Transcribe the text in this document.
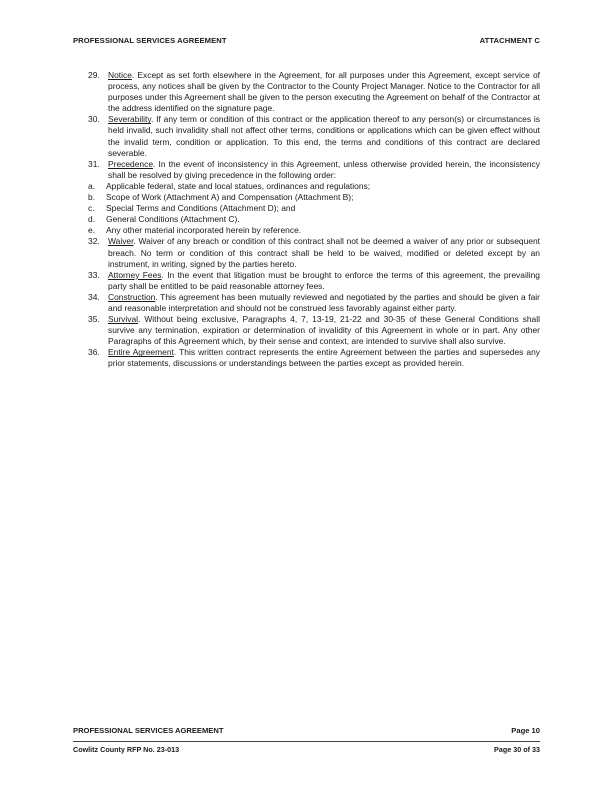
PROFESSIONAL SERVICES AGREEMENT	ATTACHMENT C
29. Notice. Except as set forth elsewhere in the Agreement, for all purposes under this Agreement, except service of process, any notices shall be given by the Contractor to the County Project Manager. Notice to the Contractor for all purposes under this Agreement shall be given to the person executing the Agreement on behalf of the Contractor at the address identified on the signature page.
30. Severability. If any term or condition of this contract or the application thereof to any person(s) or circumstances is held invalid, such invalidity shall not affect other terms, conditions or applications which can be given effect without the invalid term, condition or application. To this end, the terms and conditions of this contract are declared severable.
31. Precedence. In the event of inconsistency in this Agreement, unless otherwise provided herein, the inconsistency shall be resolved by giving precedence in the following order:
a.	Applicable federal, state and local statues, ordinances and regulations;
b.	Scope of Work (Attachment A) and Compensation (Attachment B);
c.	Special Terms and Conditions (Attachment D); and
d.	General Conditions (Attachment C).
e.	Any other material incorporated herein by reference.
32. Waiver. Waiver of any breach or condition of this contract shall not be deemed a waiver of any prior or subsequent breach. No term or condition of this contract shall be held to be waived, modified or deleted except by an instrument, in writing, signed by the parties hereto.
33. Attorney Fees. In the event that litigation must be brought to enforce the terms of this agreement, the prevailing party shall be entitled to be paid reasonable attorney fees.
34. Construction. This agreement has been mutually reviewed and negotiated by the parties and should be given a fair and reasonable interpretation and should not be construed less favorably against either party.
35. Survival. Without being exclusive, Paragraphs 4, 7, 13-19, 21-22 and 30-35 of these General Conditions shall survive any termination, expiration or determination of invalidity of this Agreement in whole or in part. Any other Paragraphs of this Agreement which, by their sense and context, are intended to survive shall also survive.
36. Entire Agreement. This written contract represents the entire Agreement between the parties and supersedes any prior statements, discussions or understandings between the parties except as provided herein.
PROFESSIONAL SERVICES AGREEMENT	Page 10
Cowlitz County RFP No. 23-013	Page 30 of 33
